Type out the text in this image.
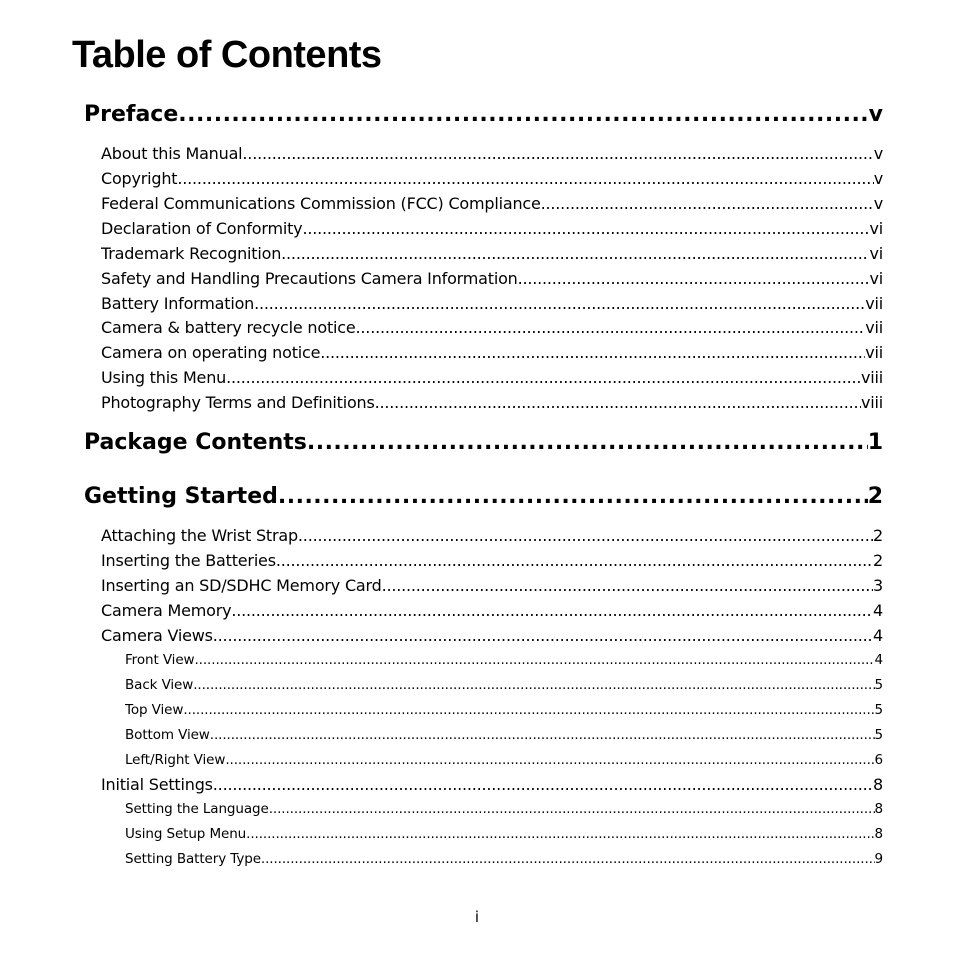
Table of Contents
Preface .....	v
About this Manual .....	v
Copyright .....	v
Federal Communications Commission (FCC) Compliance .....	v
Declaration of Conformity .....	vi
Trademark Recognition .....	vi
Safety and Handling Precautions Camera Information .....	vi
Battery Information .....	vii
Camera & battery recycle notice .....	vii
Camera on operating notice .....	vii
Using this Menu .....	viii
Photography Terms and Definitions .....	viii
Package Contents .....	1
Getting Started .....	2
Attaching the Wrist Strap .....	2
Inserting the Batteries .....	2
Inserting an SD/SDHC Memory Card .....	3
Camera Memory .....	4
Camera Views .....	4
Front View .....	4
Back View .....	5
Top View .....	5
Bottom View .....	5
Left/Right View .....	6
Initial Settings .....	8
Setting the Language .....	8
Using Setup Menu .....	8
Setting Battery Type .....	9
i
